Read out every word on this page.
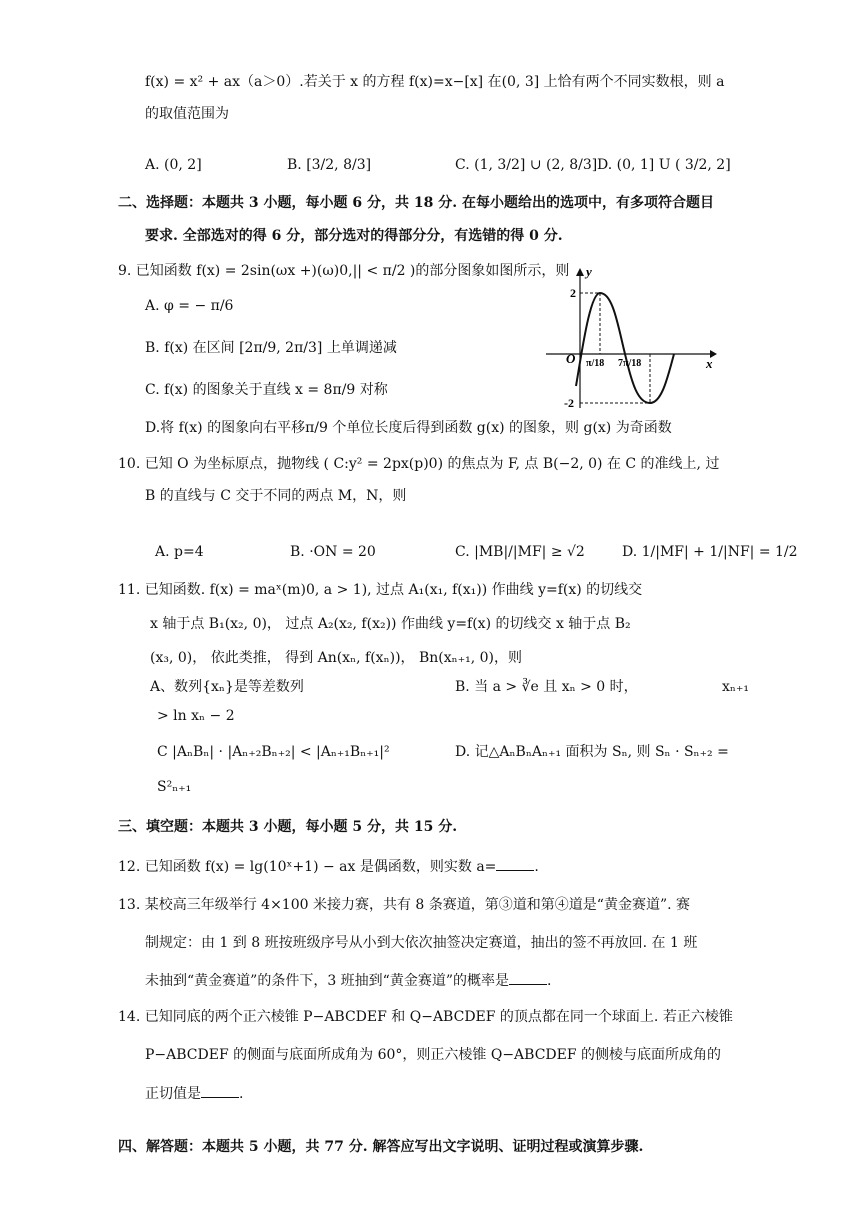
f(x) = x² + ax（a＞0）.若关于 x 的方程 f(x)=x−[x] 在(0, 3] 上恰有两个不同实数根，则 a
的取值范围为
A. (0, 2]	B. [3/2, 8/3]	C. (1, 3/2] ∪ (2, 8/3] D. (0, 1] U ( 3/2, 2]
二、选择题：本题共 3 小题，每小题 6 分，共 18 分. 在每小题给出的选项中，有多项符合题目
要求. 全部选对的得 6 分，部分选对的得部分分，有选错的得 0 分.
9. 已知函数 f(x) = 2sin(ωx +)(ω)0,|| < π/2 )的部分图象如图所示，则
A. φ = − π/6
B. f(x) 在区间 [2π/9, 2π/3] 上单调递减
C. f(x) 的图象关于直线 x = 8π/9 对称
D.将 f(x) 的图象向右平移π/9 个单位长度后得到函数 g(x) 的图象，则 g(x) 为奇函数
y
x
O
2
-2
π/18 7π/18
10. 已知 O 为坐标原点，抛物线 ( C:y² = 2px(p)0) 的焦点为 F, 点 B(−2, 0) 在 C 的准线上, 过
B 的直线与 C 交于不同的两点 M，N，则
A. p=4	B. ·ON = 20	C. |MB|/|MF| ≥ √2	D. 1/|MF| + 1/|NF| = 1/2
11. 已知函数. f(x) = maˣ(m)0, a > 1), 过点 A₁(x₁, f(x₁)) 作曲线 y=f(x) 的切线交
x 轴于点 B₁(x₂, 0)， 过点 A₂(x₂, f(x₂)) 作曲线 y=f(x) 的切线交 x 轴于点 B₂
(x₃, 0)， 依此类推， 得到 An(xₙ, f(xₙ))， Bn(xₙ₊₁, 0)，则
A、数列{xₙ}是等差数列	B. 当 a > ∛e 且 xₙ > 0 时，	xₙ₊₁
> ln xₙ − 2
C |AₙBₙ| · |Aₙ₊₂Bₙ₊₂| < |Aₙ₊₁Bₙ₊₁|²	D. 记△AₙBₙAₙ₊₁ 面积为 Sₙ, 则 Sₙ · Sₙ₊₂ =
S²ₙ₊₁
三、填空题：本题共 3 小题，每小题 5 分，共 15 分.
12. 已知函数 f(x) = lg(10ˣ+1) − ax 是偶函数，则实数 a=	.
13. 某校高三年级举行 4×100 米接力赛，共有 8 条赛道，第③道和第④道是“黄金赛道”. 赛
制规定：由 1 到 8 班按班级序号从小到大依次抽签决定赛道，抽出的签不再放回. 在 1 班
未抽到“黄金赛道”的条件下，3 班抽到“黄金赛道”的概率是	.
14. 已知同底的两个正六棱锥 P−ABCDEF 和 Q−ABCDEF 的顶点都在同一个球面上. 若正六棱锥
P−ABCDEF 的侧面与底面所成角为 60°，则正六棱锥 Q−ABCDEF 的侧棱与底面所成角的
正切值是	.
四、解答题：本题共 5 小题，共 77 分. 解答应写出文字说明、证明过程或演算步骤.
